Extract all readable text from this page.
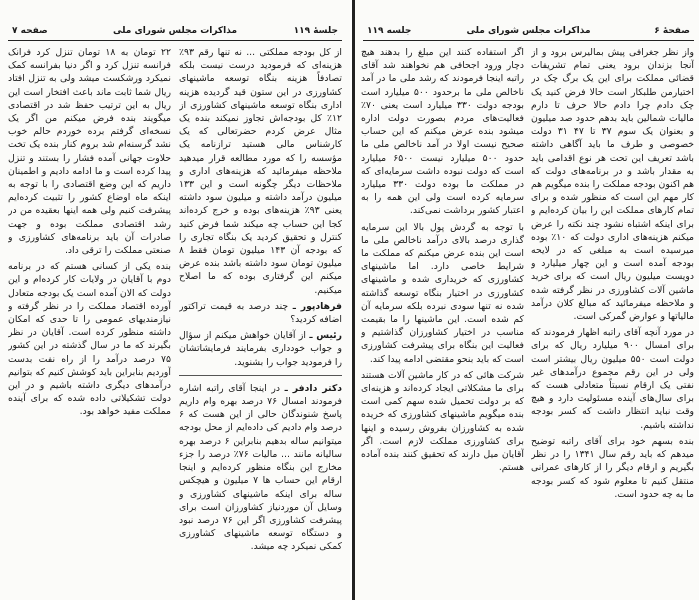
صفحه ۷	مذاکرات مجلس شورای ملی	جلسهٔ ۱۱۹

از کل بودجه مملکتی ... نه تنها رقم ۹۳٪ هزینه‌ای که فرمودید درست نیست بلکه تصادفاً هزینه بنگاه توسعه ماشینهای کشاورزی در این ستون قید گردیده هزینه اداری بنگاه توسعه ماشینهای کشاورزی از ۱۲٪ کل بودجه‌اش تجاوز نمیکند بنده یک مثال عرض کردم حضرتعالی که یک کارشناس مالی هستید ترازنامه یک مؤسسه را که مورد مطالعه قرار میدهید ملاحظه میفرمائید که هزینه‌های اداری و ملاحظات دیگر چگونه است و این ۱۳۳ میلیون درآمد داشته و میلیون سود داشته یعنی ۹۳٪ هزینه‌های بوده و خرج کرده‌اند کجا این حساب چه میکند شما فرض کنید کنترل و تحقیق کردید یک بنگاه تجاری را که بودجه آن ۱۴۳ میلیون تومان فقط ۸ میلیون تومان سود داشته باشد بنده عرض میکنم این گرفتاری بوده که ما اصلاح میکنیم.

فرهادپور ـ چند درصد به قیمت تراکتور اضافه کردید؟

رئیس ـ از آقایان خواهش میکنم از سؤال و جواب خودداری بفرمایند فرمایشاتشان را فرمودید جواب را بشنوید.

دکتر دادفر ـ در اینجا آقای راتبه اشاره فرمودند امسال ۷۶ درصد بهره وام داریم پاسخ شنوندگان حالی از این هست که ۶ درصد وام دادیم کی داده‌ایم از محل بودجه میتوانیم ساله بدهیم بنابراین ۶ درصد بهره سالیانه مانند ... مالیات ۷۶٪ درصد را جزء مخارج این بنگاه منظور کرده‌ایم و اینجا ارقام این حساب ها ۷ میلیون و هیچکس ساله برای اینکه ماشینهای کشاورزی و وسایل آن موردنیاز کشاورزان است برای پیشرفت کشاورزی اگر این ۷۶ درصد نبود و دستگاه توسعه ماشینهای کشاورزی کمکی نمیکرد چه میشد.

۲۲ تومان به ۱۸ تومان تنزل کرد فرانک فرانسه تنزل کرد و اگر دنیا بفرانسه کمک نمیکرد ورشکست میشد ولی به تنزل افتاد ریال شما ثابت ماند باعث افتخار است این ریال به این ترتیب حفظ شد در اقتصادی میگویند بنده فرض میکنم من اگر یک نسخه‌ای گرفتم برده خوردم حالم خوب نشد گرسنه‌ام شد بروم کنار بنده یک تخت حلاوت جهانی آمده فشار را بستند و تنزل پیدا کرده است و ما ادامه دادیم و اطمینان داریم که این وضع اقتصادی را با توجه به اینکه ماه اوضاع کشور را تثبیت کرده‌ایم پیشرفت کنیم ولی همه اینها بعقیده من در رشد اقتصادی مملکت بوده و جهت صادرات آن باید برنامه‌های کشاورزی و صنعتی مملکت را ترقی داد.

بنده یکی از کسانی هستم که در برنامه دوم با آقایان در ولایات کار کرده‌ام و این دولت که الان آمده است یک بودجه متعادل آورده اقتصاد مملکت را در نظر گرفته و نیازمندیهای عمومی را تا حدی که امکان داشته منظور کرده است. آقایان در نظر بگیرند که ما در سال گذشته در این کشور ۷۵ درصد درآمد را از راه نفت بدست آوردیم بنابراین باید کوشش کنیم که بتوانیم درآمدهای دیگری داشته باشیم و در این دولت تشکیلاتی داده شده که برای آینده مملکت مفید خواهد بود.

جلسه ۱۱۹	مذاکرات مجلس شورای ملی	صفحهٔ ۶

واز نظر جغرافی پیش بمالیرس برود و از آنجا بزندان برود یعنی تمام تشریفات قضائی مملکت برای این یک برگ چک در اختیارمن طلبکار است حالا فرض کنید یک چک دادم چرا دادم حالا حرف تا دارم مالیات شمالین باید بدهم حدود صد میلیون و بعنوان یک سوم ۳۷ تا ۴۷ ۳۱ دولت خصوصی و طرف ما باید آگاهی داشته باشد تعریف این تحت هر نوع اقدامی باید به مقدار باشد و در برنامه‌های دولت که هم اکنون بودجه مملکت را بنده میگویم هم کار مهم این است که منظور شده و برای تمام کارهای مملکت این را بیان کرده‌ایم و برای اینکه اشتباه نشود چند نکته را عرض میکنم هزینه‌های اداری دولت که ۱۰٪ بوده میرسیده است به مبلغی که در لایحه بودجه آمده است و این چهار میلیارد و دویست میلیون ریال است که برای خرید ماشین آلات کشاورزی در نظر گرفته شده و ملاحظه میفرمائید که مبالغ کلان درآمد مالیاتها و عوارض گمرکی است.

در مورد آنچه آقای راتبه اظهار فرمودند که برای امسال ۹۰۰ میلیارد ریال که برای دولت است ۵۵۰ میلیون ریال بیشتر است ولی در این رقم مجموع درآمدهای غیر نفتی یک ارقام نسبتاً متعادلی هست که برای سال‌های آینده مسئولیت دارد و هیچ وقت نباید انتظار داشت که کسر بودجه نداشته باشیم.

بنده بسهم خود برای آقای راتبه توضیح میدهم که باید رقم سال ۱۳۴۱ را در نظر بگیریم و ارقام دیگر را از کارهای عمرانی منتقل کنیم تا معلوم شود که کسر بودجه ما به چه حدود است.

اگر استفاده کنند این مبلغ را بدهند هیچ دچار ورود اجحافی هم نخواهند شد آقای راتبه اینجا فرمودند که رشد ملی ما در آمد ناخالص ملی ما برحدود ۵۰۰ میلیارد است بودجه دولت ۳۳۰ میلیارد است یعنی ۷۰٪ فعالیت‌های مردم بصورت دولت اداره میشود بنده عرض میکنم که این حساب صحیح نیست اولا در آمد ناخالص ملی ما حدود ۵۰۰ میلیارد نیست ۶۵۰۰ میلیارد است که دولت نبوده داشت سرمایه‌ای که در مملکت ما بوده دولت ۳۳۰ میلیارد سرمایه کرده است ولی این همه را به اعتبار کشور برداشت نمی‌کند.

با توجه به گردش پول بالا این سرمایه گذاری درصد بالای درآمد ناخالص ملی ما است این بنده عرض میکنم که مملکت ما شرایط خاصی دارد. اما ماشینهای کشاورزی که خریداری شده و ماشینهای کشاورزی در اختیار بنگاه توسعه گذاشته شده نه تنها سودی نبرده بلکه سرمایه آن کم شده است. این ماشینها را ما بقیمت مناسب در اختیار کشاورزان گذاشتیم و فعالیت این بنگاه برای پیشرفت کشاورزی است که باید بنحو مقتضی ادامه پیدا کند.

شرکت هائی که در کار ماشین آلات هستند برای ما مشکلاتی ایجاد کرده‌اند و هزینه‌ای که بر دولت تحمیل شده سهم کمی است بنده میگویم ماشینهای کشاورزی که خریده شده به کشاورزان بفروش رسیده و اینها برای کشاورزی مملکت لازم است. اگر آقایان میل دارند که تحقیق کنند بنده آماده هستم.
